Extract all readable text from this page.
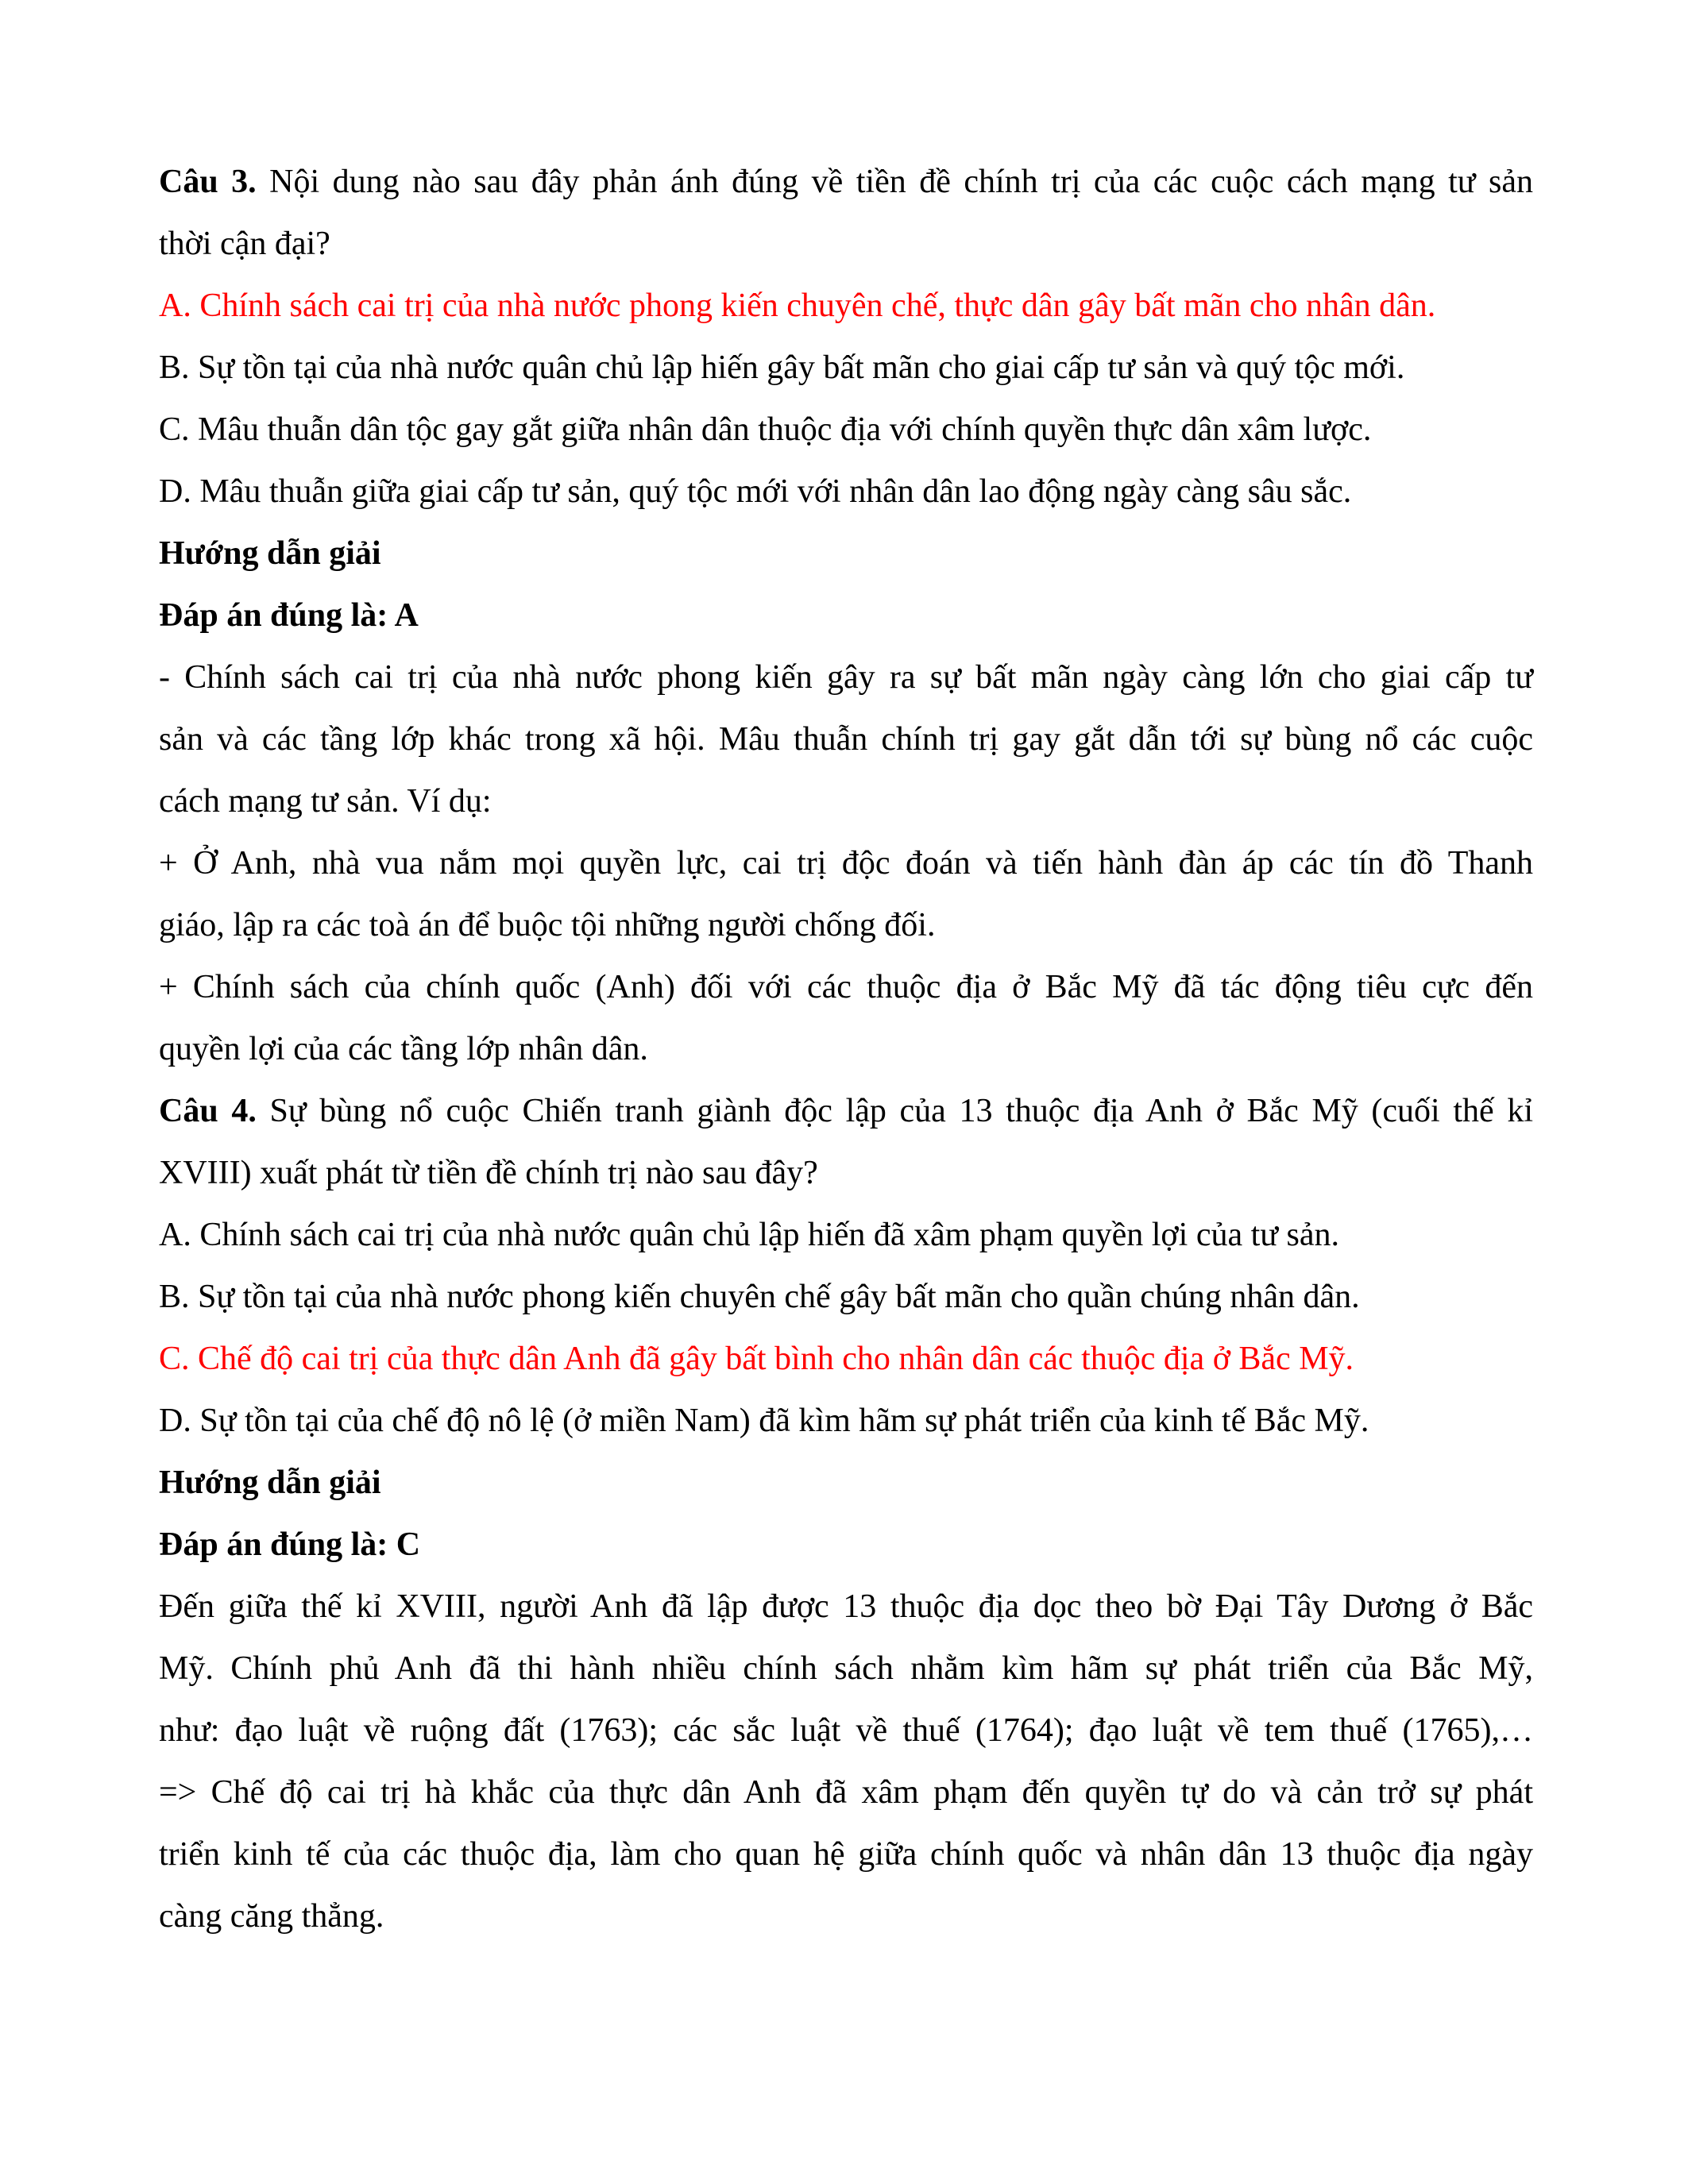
Câu 3. Nội dung nào sau đây phản ánh đúng về tiền đề chính trị của các cuộc cách mạng tư sản
thời cận đại?
A. Chính sách cai trị của nhà nước phong kiến chuyên chế, thực dân gây bất mãn cho nhân dân.
B. Sự tồn tại của nhà nước quân chủ lập hiến gây bất mãn cho giai cấp tư sản và quý tộc mới.
C. Mâu thuẫn dân tộc gay gắt giữa nhân dân thuộc địa với chính quyền thực dân xâm lược.
D. Mâu thuẫn giữa giai cấp tư sản, quý tộc mới với nhân dân lao động ngày càng sâu sắc.
Hướng dẫn giải
Đáp án đúng là: A
- Chính sách cai trị của nhà nước phong kiến gây ra sự bất mãn ngày càng lớn cho giai cấp tư
sản và các tầng lớp khác trong xã hội. Mâu thuẫn chính trị gay gắt dẫn tới sự bùng nổ các cuộc
cách mạng tư sản. Ví dụ:
+ Ở Anh, nhà vua nắm mọi quyền lực, cai trị độc đoán và tiến hành đàn áp các tín đồ Thanh
giáo, lập ra các toà án để buộc tội những người chống đối.
+ Chính sách của chính quốc (Anh) đối với các thuộc địa ở Bắc Mỹ đã tác động tiêu cực đến
quyền lợi của các tầng lớp nhân dân.
Câu 4. Sự bùng nổ cuộc Chiến tranh giành độc lập của 13 thuộc địa Anh ở Bắc Mỹ (cuối thế kỉ
XVIII) xuất phát từ tiền đề chính trị nào sau đây?
A. Chính sách cai trị của nhà nước quân chủ lập hiến đã xâm phạm quyền lợi của tư sản.
B. Sự tồn tại của nhà nước phong kiến chuyên chế gây bất mãn cho quần chúng nhân dân.
C. Chế độ cai trị của thực dân Anh đã gây bất bình cho nhân dân các thuộc địa ở Bắc Mỹ.
D. Sự tồn tại của chế độ nô lệ (ở miền Nam) đã kìm hãm sự phát triển của kinh tế Bắc Mỹ.
Hướng dẫn giải
Đáp án đúng là: C
Đến giữa thế kỉ XVIII, người Anh đã lập được 13 thuộc địa dọc theo bờ Đại Tây Dương ở Bắc
Mỹ. Chính phủ Anh đã thi hành nhiều chính sách nhằm kìm hãm sự phát triển của Bắc Mỹ,
như: đạo luật về ruộng đất (1763); các sắc luật về thuế (1764); đạo luật về tem thuế (1765),…
=> Chế độ cai trị hà khắc của thực dân Anh đã xâm phạm đến quyền tự do và cản trở sự phát
triển kinh tế của các thuộc địa, làm cho quan hệ giữa chính quốc và nhân dân 13 thuộc địa ngày
càng căng thẳng.
